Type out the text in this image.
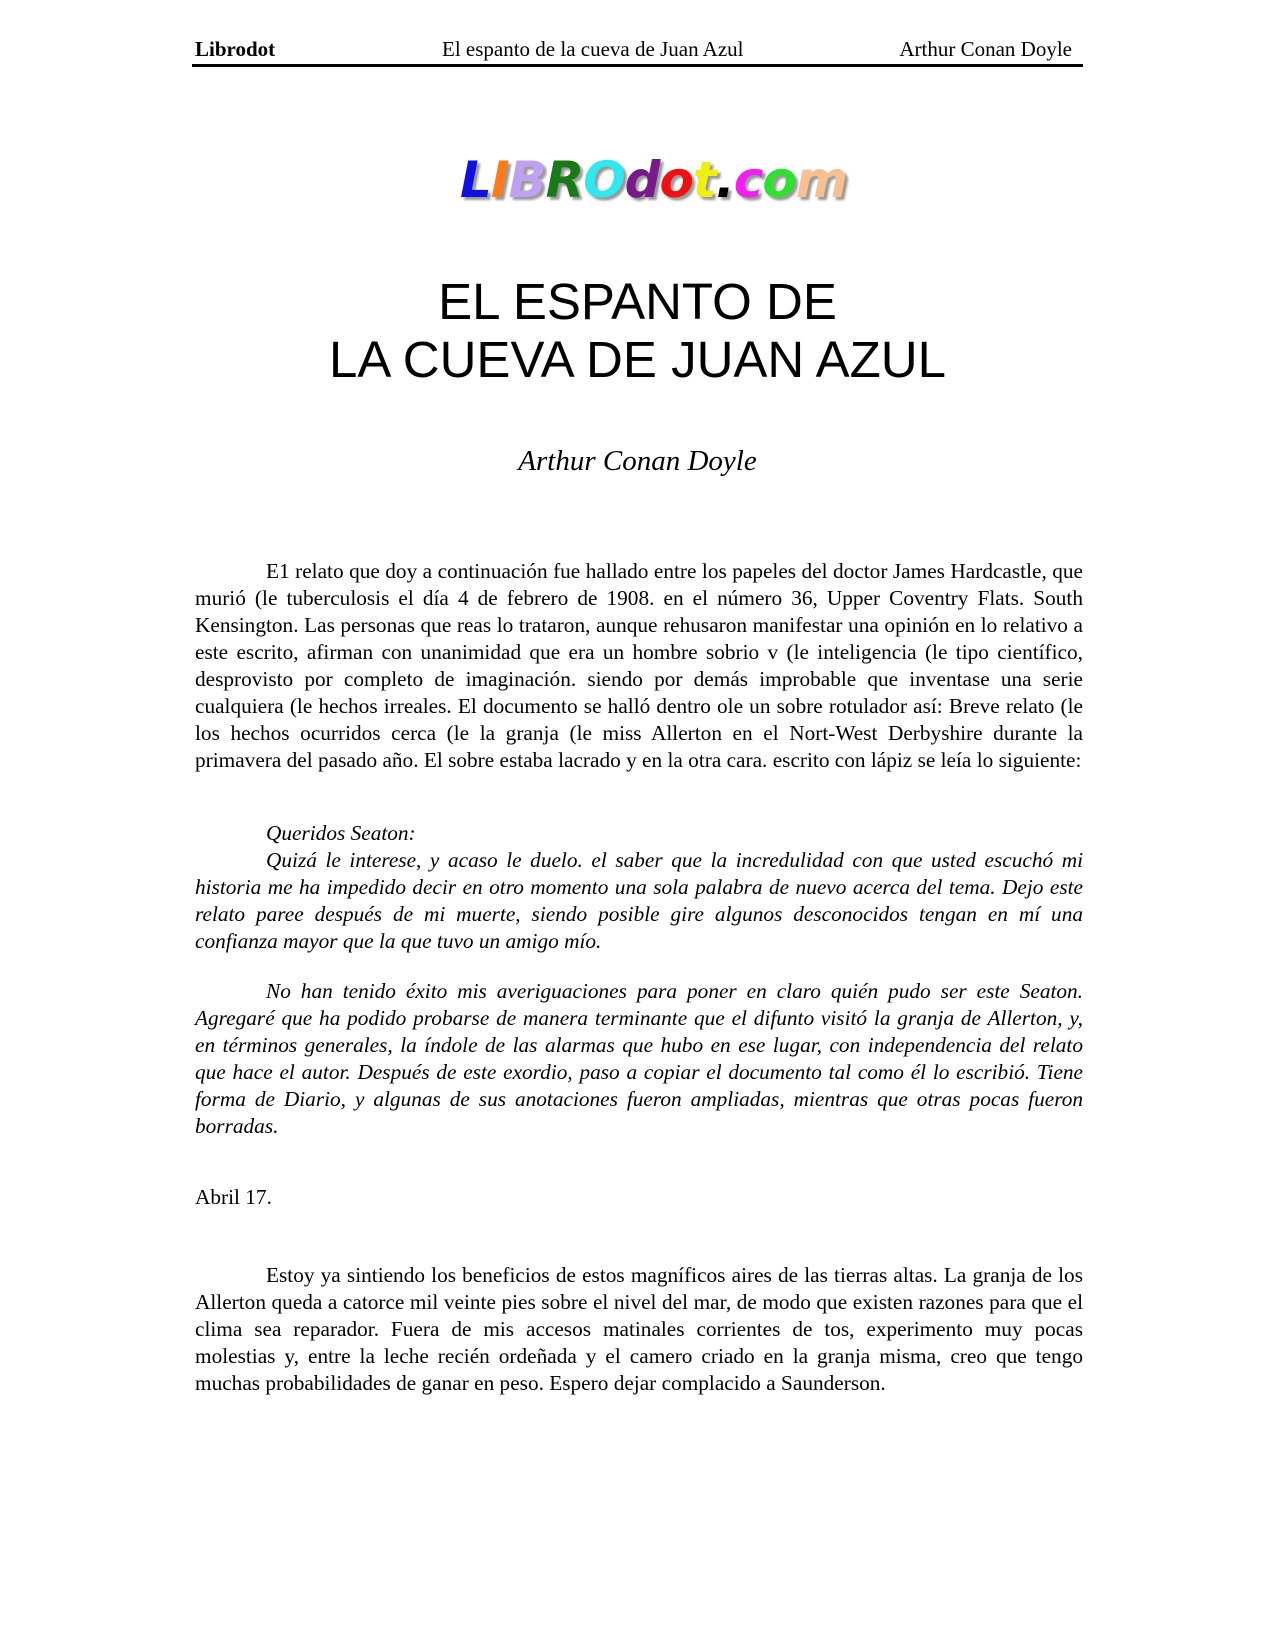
Librodot	El espanto de la cueva de Juan Azul	Arthur Conan Doyle
LIBROdot.com
EL ESPANTO DE
LA CUEVA DE JUAN AZUL
Arthur Conan Doyle
E1 relato que doy a continuación fue hallado entre los papeles del doctor James Hardcastle, que murió (le tuberculosis el día 4 de febrero de 1908. en el número 36, Upper Coventry Flats. South Kensington. Las personas que reas lo trataron, aunque rehusaron manifestar una opinión en lo relativo a este escrito, afirman con unanimidad que era un hombre sobrio v (le inteligencia (le tipo científico, desprovisto por completo de imaginación. siendo por demás improbable que inventase una serie cualquiera (le hechos irreales. El documento se halló dentro ole un sobre rotulador así: Breve relato (le los hechos ocurridos cerca (le la granja (le miss Allerton en el Nort-West Derbyshire durante la primavera del pasado año. El sobre estaba lacrado y en la otra cara. escrito con lápiz se leía lo siguiente:

Queridos Seaton:

Quizá le interese, y acaso le duelo. el saber que la incredulidad con que usted escuchó mi historia me ha impedido decir en otro momento una sola palabra de nuevo acerca del tema. Dejo este relato paree después de mi muerte, siendo posible gire algunos desconocidos tengan en mí una confianza mayor que la que tuvo un amigo mío.

No han tenido éxito mis averiguaciones para poner en claro quién pudo ser este Seaton. Agregaré que ha podido probarse de manera terminante que el difunto visitó la granja de Allerton, y, en términos generales, la índole de las alarmas que hubo en ese lugar, con independencia del relato que hace el autor. Después de este exordio, paso a copiar el documento tal como él lo escribió. Tiene forma de Diario, y algunas de sus anotaciones fueron ampliadas, mientras que otras pocas fueron borradas.
Abril 17.
Estoy ya sintiendo los beneficios de estos magníficos aires de las tierras altas. La granja de los Allerton queda a catorce mil veinte pies sobre el nivel del mar, de modo que existen razones para que el clima sea reparador. Fuera de mis accesos matinales corrientes de tos, experimento muy pocas molestias y, entre la leche recién ordeñada y el camero criado en la granja misma, creo que tengo muchas probabilidades de ganar en peso. Espero dejar complacido a Saunderson.
